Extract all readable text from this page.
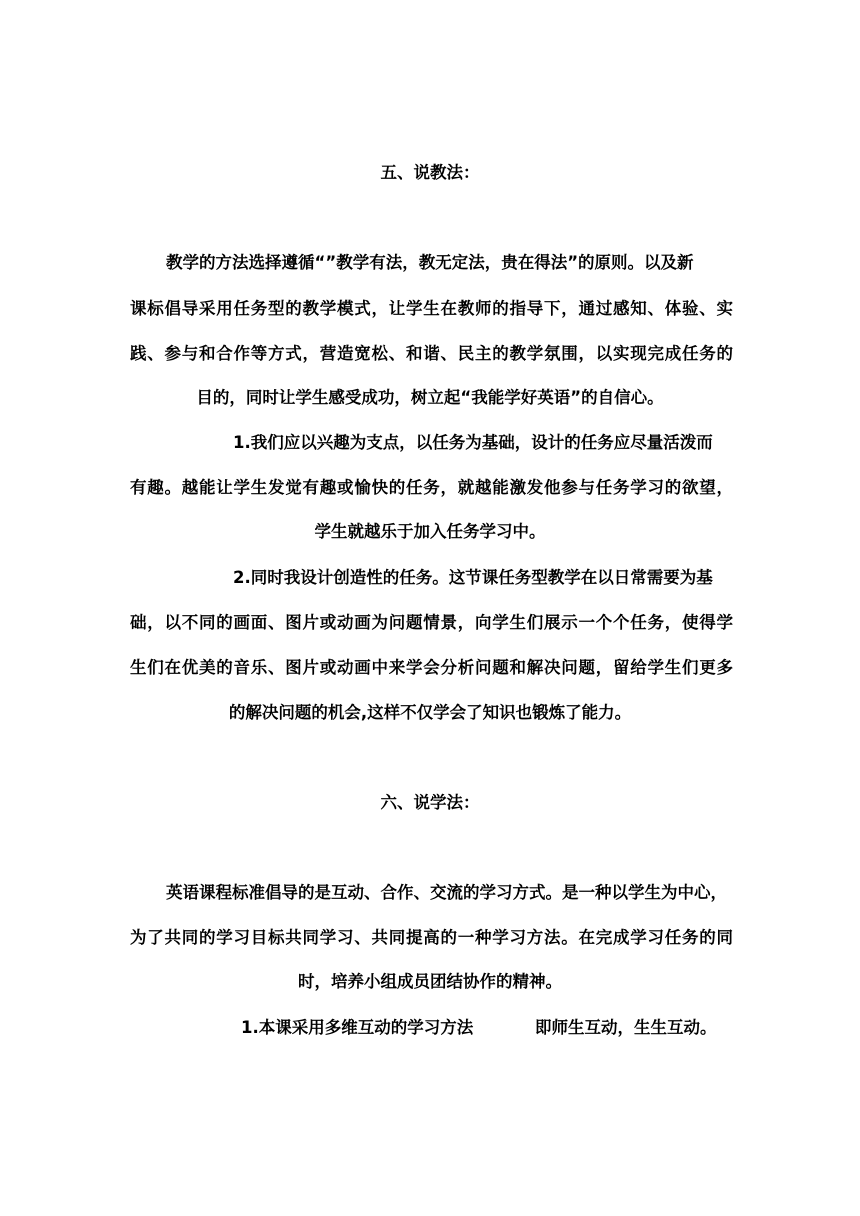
五、说教法：
教学的方法选择遵循“”教学有法，教无定法，贵在得法”的原则。以及新
课标倡导采用任务型的教学模式，让学生在教师的指导下，通过感知、体验、实
践、参与和合作等方式，营造宽松、和谐、民主的教学氛围，以实现完成任务的
目的，同时让学生感受成功，树立起“我能学好英语”的自信心。
1.我们应以兴趣为支点，以任务为基础，设计的任务应尽量活泼而
有趣。越能让学生发觉有趣或愉快的任务，就越能激发他参与任务学习的欲望，
学生就越乐于加入任务学习中。
2.同时我设计创造性的任务。这节课任务型教学在以日常需要为基
础，以不同的画面、图片或动画为问题情景，向学生们展示一个个任务，使得学
生们在优美的音乐、图片或动画中来学会分析问题和解决问题，留给学生们更多
的解决问题的机会,这样不仅学会了知识也锻炼了能力。
六、说学法：
英语课程标准倡导的是互动、合作、交流的学习方式。是一种以学生为中心，
为了共同的学习目标共同学习、共同提高的一种学习方法。在完成学习任务的同
时，培养小组成员团结协作的精神。
1.本课采用多维互动的学习方法	即师生互动，生生互动。
